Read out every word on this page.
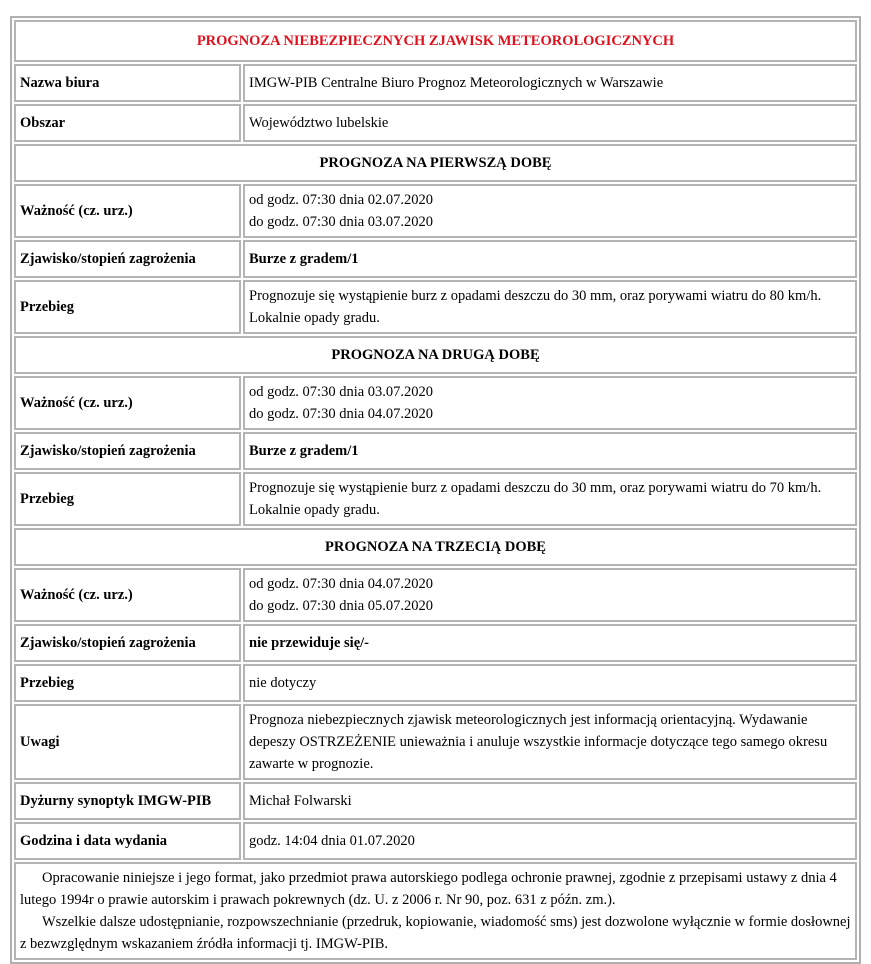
PROGNOZA NIEBEZPIECZNYCH ZJAWISK METEOROLOGICZNYCH	
Nazwa biura	IMGW-PIB Centralne Biuro Prognoz Meteorologicznych w Warszawie
Obszar	Województwo lubelskie
PROGNOZA NA PIERWSZĄ DOBĘ	
Ważność (cz. urz.)	od godz. 07:30 dnia 02.07.2020
do godz. 07:30 dnia 03.07.2020

Zjawisko/stopień zagrożenia	Burze z gradem/1
Przebieg	Prognozuje się wystąpienie burz z opadami deszczu do 30 mm, oraz porywami wiatru do 80 km/h. Lokalnie opady gradu.
PROGNOZA NA DRUGĄ DOBĘ	
Ważność (cz. urz.)	od godz. 07:30 dnia 03.07.2020
do godz. 07:30 dnia 04.07.2020

Zjawisko/stopień zagrożenia	Burze z gradem/1
Przebieg	Prognozuje się wystąpienie burz z opadami deszczu do 30 mm, oraz porywami wiatru do 70 km/h. Lokalnie opady gradu.
PROGNOZA NA TRZECIĄ DOBĘ	
Ważność (cz. urz.)	od godz. 07:30 dnia 04.07.2020
do godz. 07:30 dnia 05.07.2020

Zjawisko/stopień zagrożenia	nie przewiduje się/-
Przebieg	nie dotyczy
Uwagi	Prognoza niebezpiecznych zjawisk meteorologicznych jest informacją orientacyjną. Wydawanie depeszy OSTRZEŻENIE unieważnia i anuluje wszystkie informacje dotyczące tego samego okresu zawarte w prognozie.
Dyżurny synoptyk IMGW-PIB	Michał Folwarski
Godzina i data wydania	godz. 14:04 dnia 01.07.2020

Opracowanie niniejsze i jego format, jako przedmiot prawa autorskiego podlega ochronie prawnej, zgodnie z przepisami ustawy z dnia 4 lutego 1994r o prawie autorskim i prawach pokrewnych (dz. U. z 2006 r. Nr 90, poz. 631 z późn. zm.).

Wszelkie dalsze udostępnianie, rozpowszechnianie (przedruk, kopiowanie, wiadomość sms) jest dozwolone wyłącznie w formie dosłownej z bezwzględnym wskazaniem źródła informacji tj. IMGW-PIB.	
